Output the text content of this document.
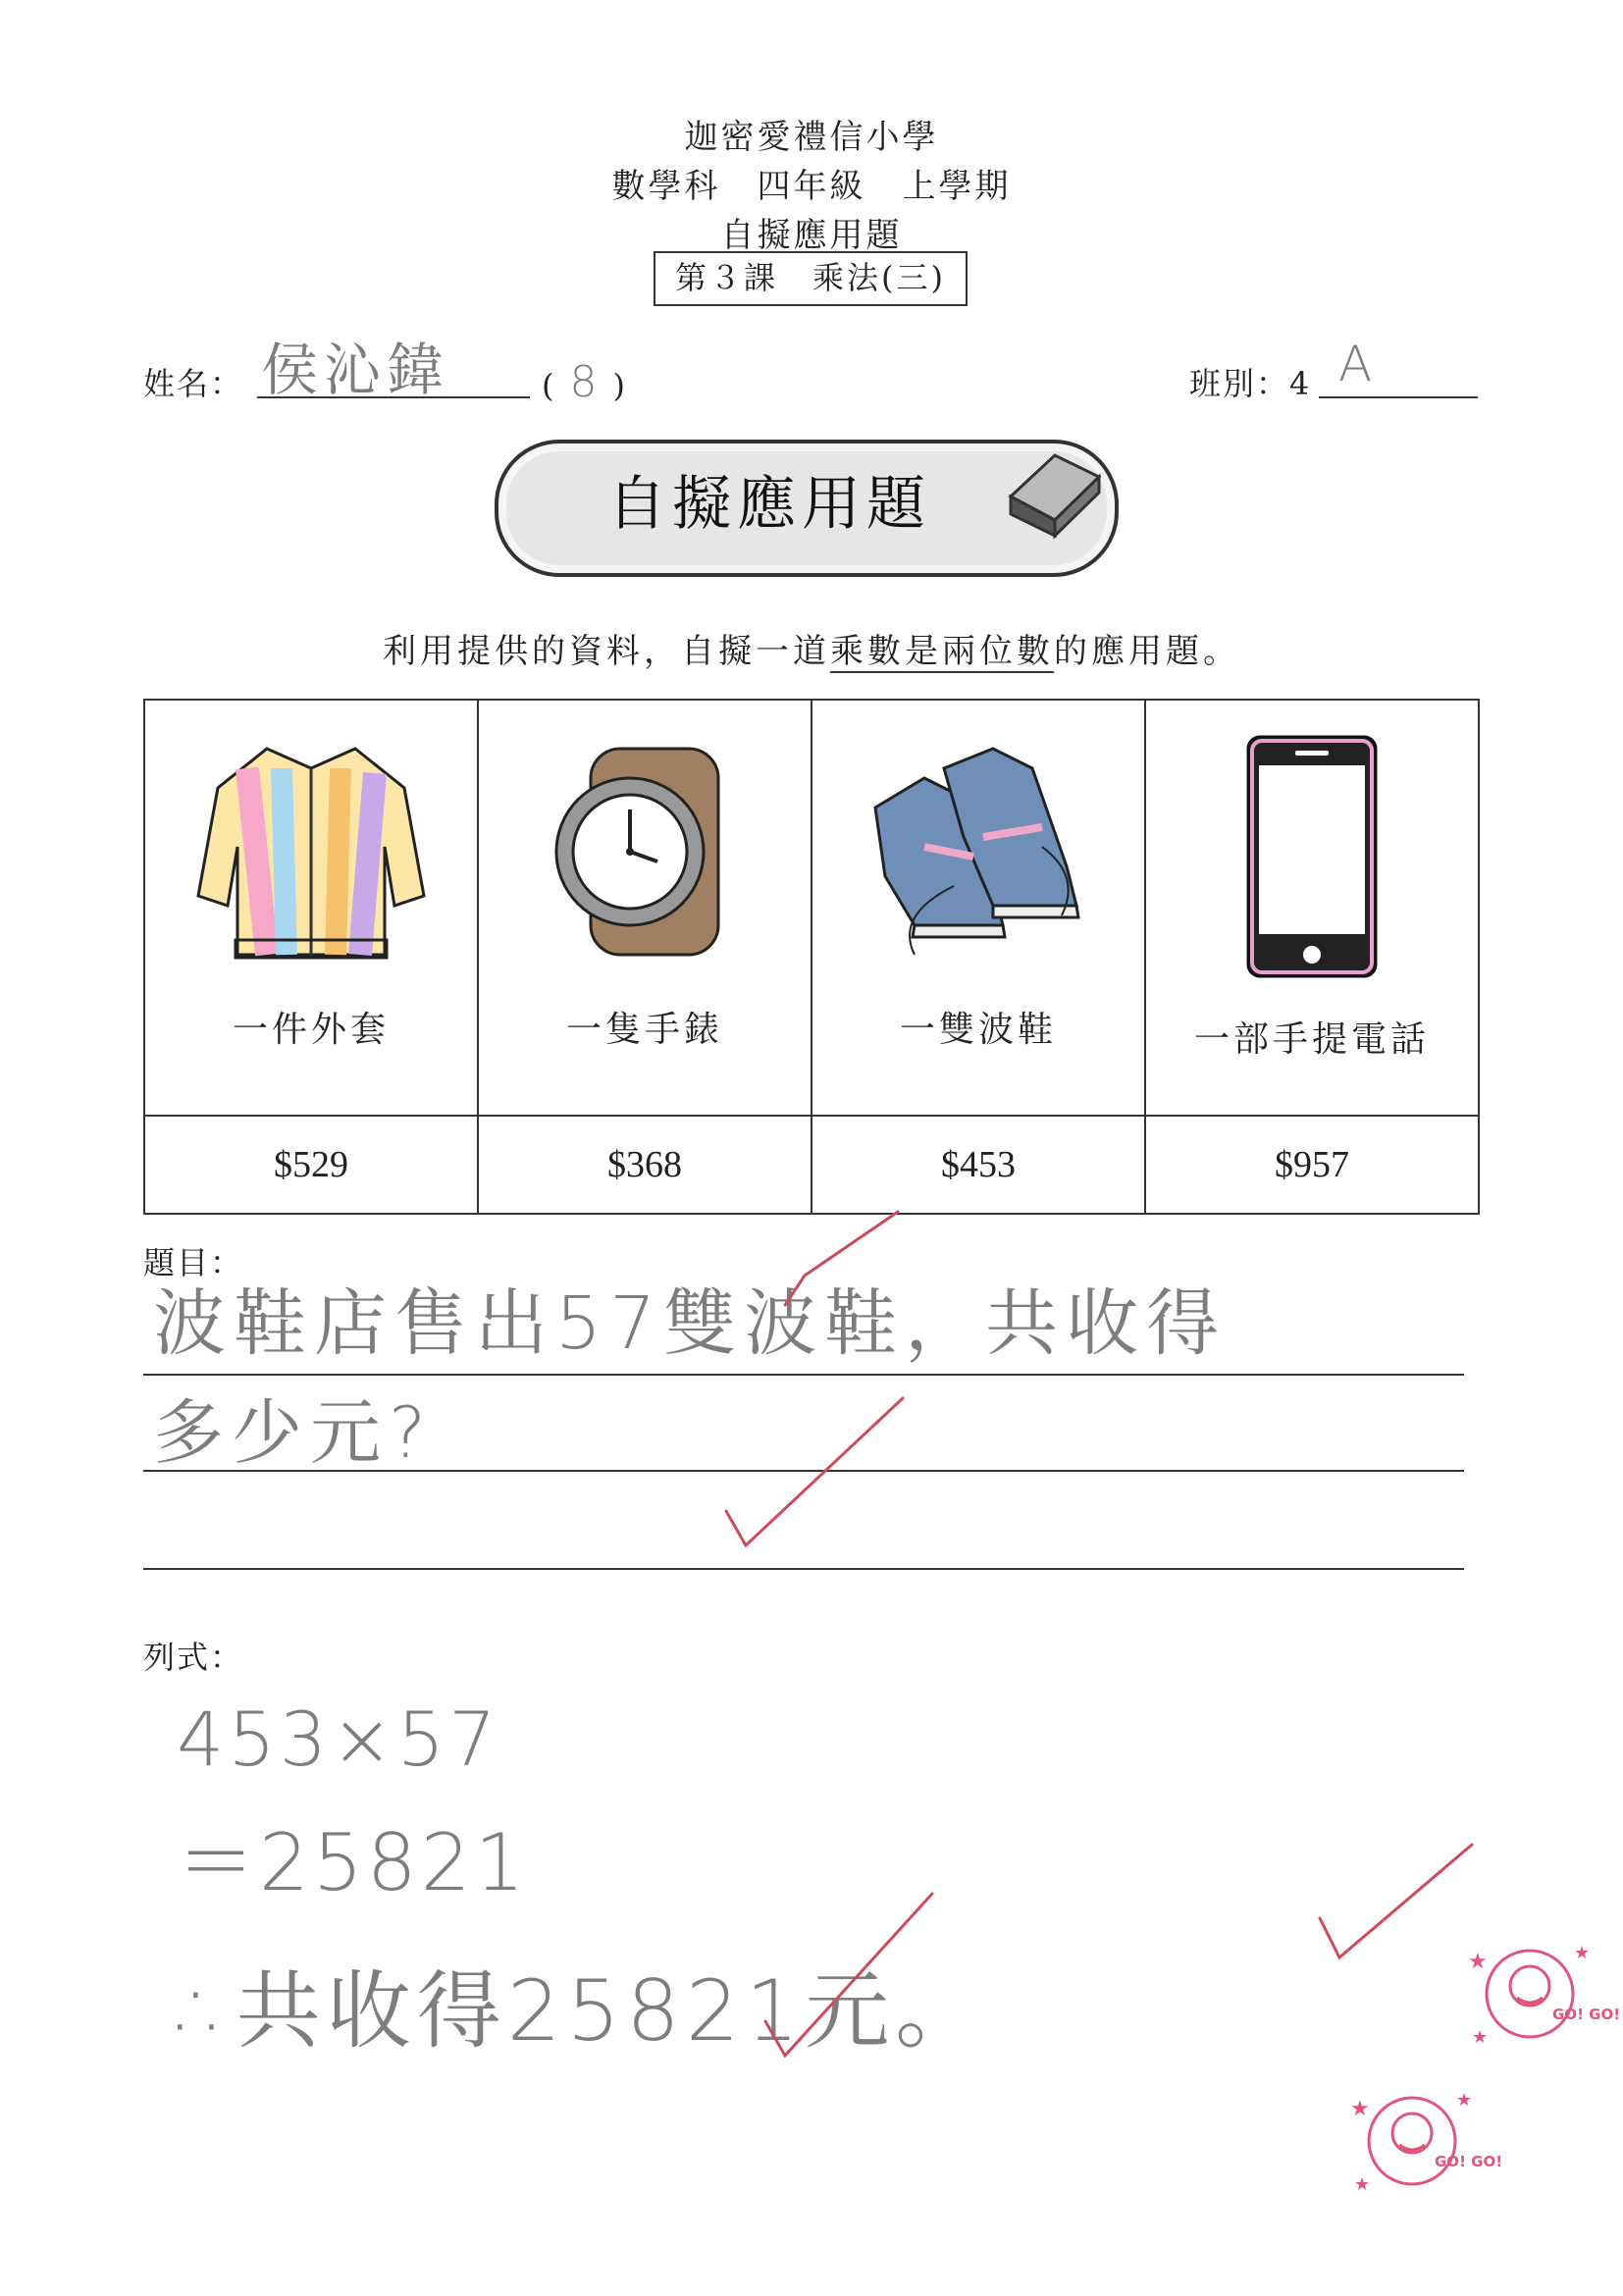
迦密愛禮信小學
數學科　四年級　上學期
自擬應用題
第３課　乘法(三)
姓名： 侯沁鍏	( 8 )	班別：4 A
自擬應用題
利用提供的資料，自擬一道乘數是兩位數的應用題。
一件外套	一隻手錶	一雙波鞋	一部手提電話

$529	$368	$453	$957
題目：
波鞋店售出57雙波鞋，共收得
多少元?
列式：
453×57
＝25821
∴共收得25821元。	GO! GO!
★	★
★
GO! GO!
★	★
★
